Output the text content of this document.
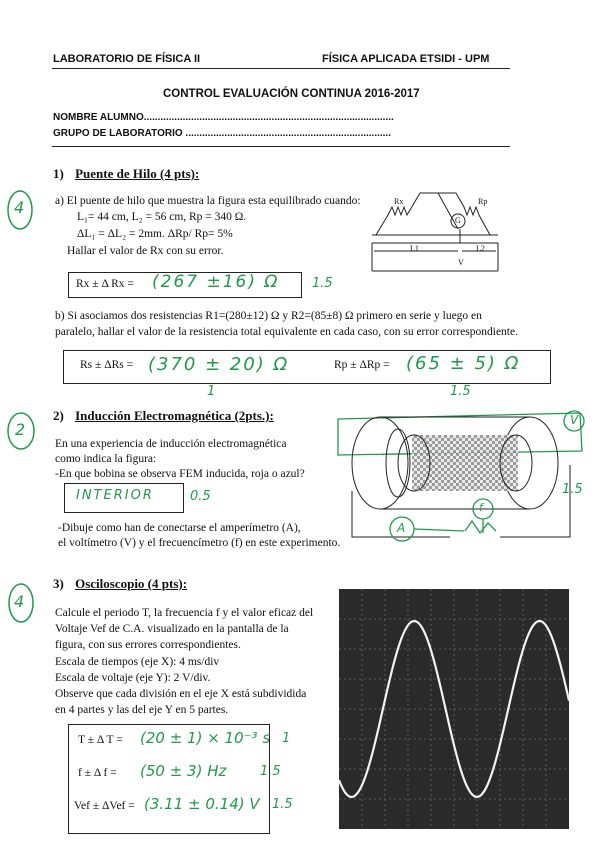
LABORATORIO DE FÍSICA II	FÍSICA APLICADA ETSIDI - UPM
CONTROL EVALUACIÓN CONTINUA 2016-2017
NOMBRE ALUMNO..........................................................................................
GRUPO DE LABORATORIO ..........................................................................
4
1) Puente de Hilo (4 pts):
a) El puente de hilo que muestra la figura esta equilibrado cuando:
L₁= 44 cm, L₂ = 56 cm, Rp = 340 Ω.
ΔL₁ = ΔL₂ = 2mm. ΔRp/ Rp= 5%
Hallar el valor de Rx con su error.
Rx	Rp
G
L1	L2
V
Rx ± Δ Rx = (267 ±16) Ω	1.5
b) Si asociamos dos resistencias R1=(280±12) Ω y R2=(85±8) Ω primero en serie y luego en
paralelo, hallar el valor de la resistencia total equivalente en cada caso, con su error correspondiente.
Rs ± ΔRs = (370 ± 20) Ω
1
Rp ± ΔRp = (65 ± 5) Ω
1.5
2
2) Inducción Electromagnética (2pts.):
En una experiencia de inducción electromagnética
como indica la figura:
-En que bobina se observa FEM inducida, roja o azul?
INTERIOR	0.5
-Dibuje como han de conectarse el amperímetro (A),
el voltímetro (V) y el frecuencímetro (f) en este experimento.
V
A
f
1.5
4
3) Osciloscopio (4 pts):
Calcule el periodo T, la frecuencia f y el valor eficaz del
Voltaje Vef de C.A. visualizado en la pantalla de la
figura, con sus errores correspondientes.
Escala de tiempos (eje X): 4 ms/div
Escala de voltaje (eje Y): 2 V/div.
Observe que cada división en el eje X está subdividida
en 4 partes y las del eje Y en 5 partes.
T ± Δ T = (20 ± 1) × 10⁻³ s 1
f ± Δ f = (50 ± 3) Hz	1.5
Vef ± ΔVef = (3.11 ± 0.14) V 1.5
